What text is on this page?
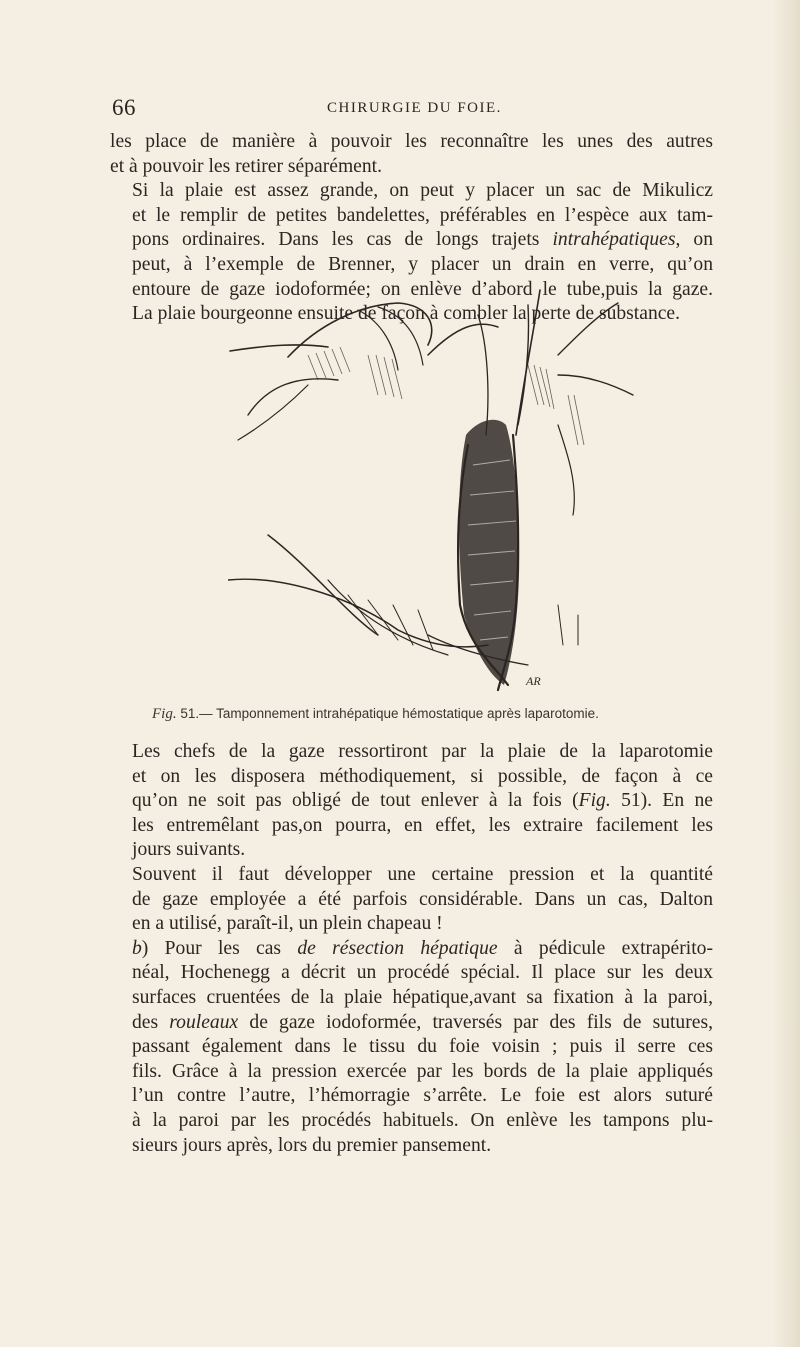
66	CHIRURGIE DU FOIE.

les place de manière à pouvoir les reconnaître les unes des autres
et à pouvoir les retirer séparément.

Si la plaie est assez grande, on peut y placer un sac de Mikulicz
et le remplir de petites bandelettes, préférables en l’espèce aux tam-
pons ordinaires. Dans les cas de longs trajets intrahépatiques, on
peut, à l’exemple de Brenner, y placer un drain en verre, qu’on
entoure de gaze iodoformée; on enlève d’abord le tube,puis la gaze.
La plaie bourgeonne ensuite de façon à combler la perte de substance.

AR
Fig. 51.— Tamponnement intrahépatique hémostatique après laparotomie.

Les chefs de la gaze ressortiront par la plaie de la laparotomie
et on les disposera méthodiquement, si possible, de façon à ce
qu’on ne soit pas obligé de tout enlever à la fois (Fig. 51). En ne
les entremêlant pas,on pourra, en effet, les extraire facilement les
jours suivants.

Souvent il faut développer une certaine pression et la quantité
de gaze employée a été parfois considérable. Dans un cas, Dalton
en a utilisé, paraît-il, un plein chapeau !

b) Pour les cas de résection hépatique à pédicule extrapérito-
néal, Hochenegg a décrit un procédé spécial. Il place sur les deux
surfaces cruentées de la plaie hépatique,avant sa fixation à la paroi,
des rouleaux de gaze iodoformée, traversés par des fils de sutures,
passant également dans le tissu du foie voisin ; puis il serre ces
fils. Grâce à la pression exercée par les bords de la plaie appliqués
l’un contre l’autre, l’hémorragie s’arrête. Le foie est alors suturé
à la paroi par les procédés habituels. On enlève les tampons plu-
sieurs jours après, lors du premier pansement.
